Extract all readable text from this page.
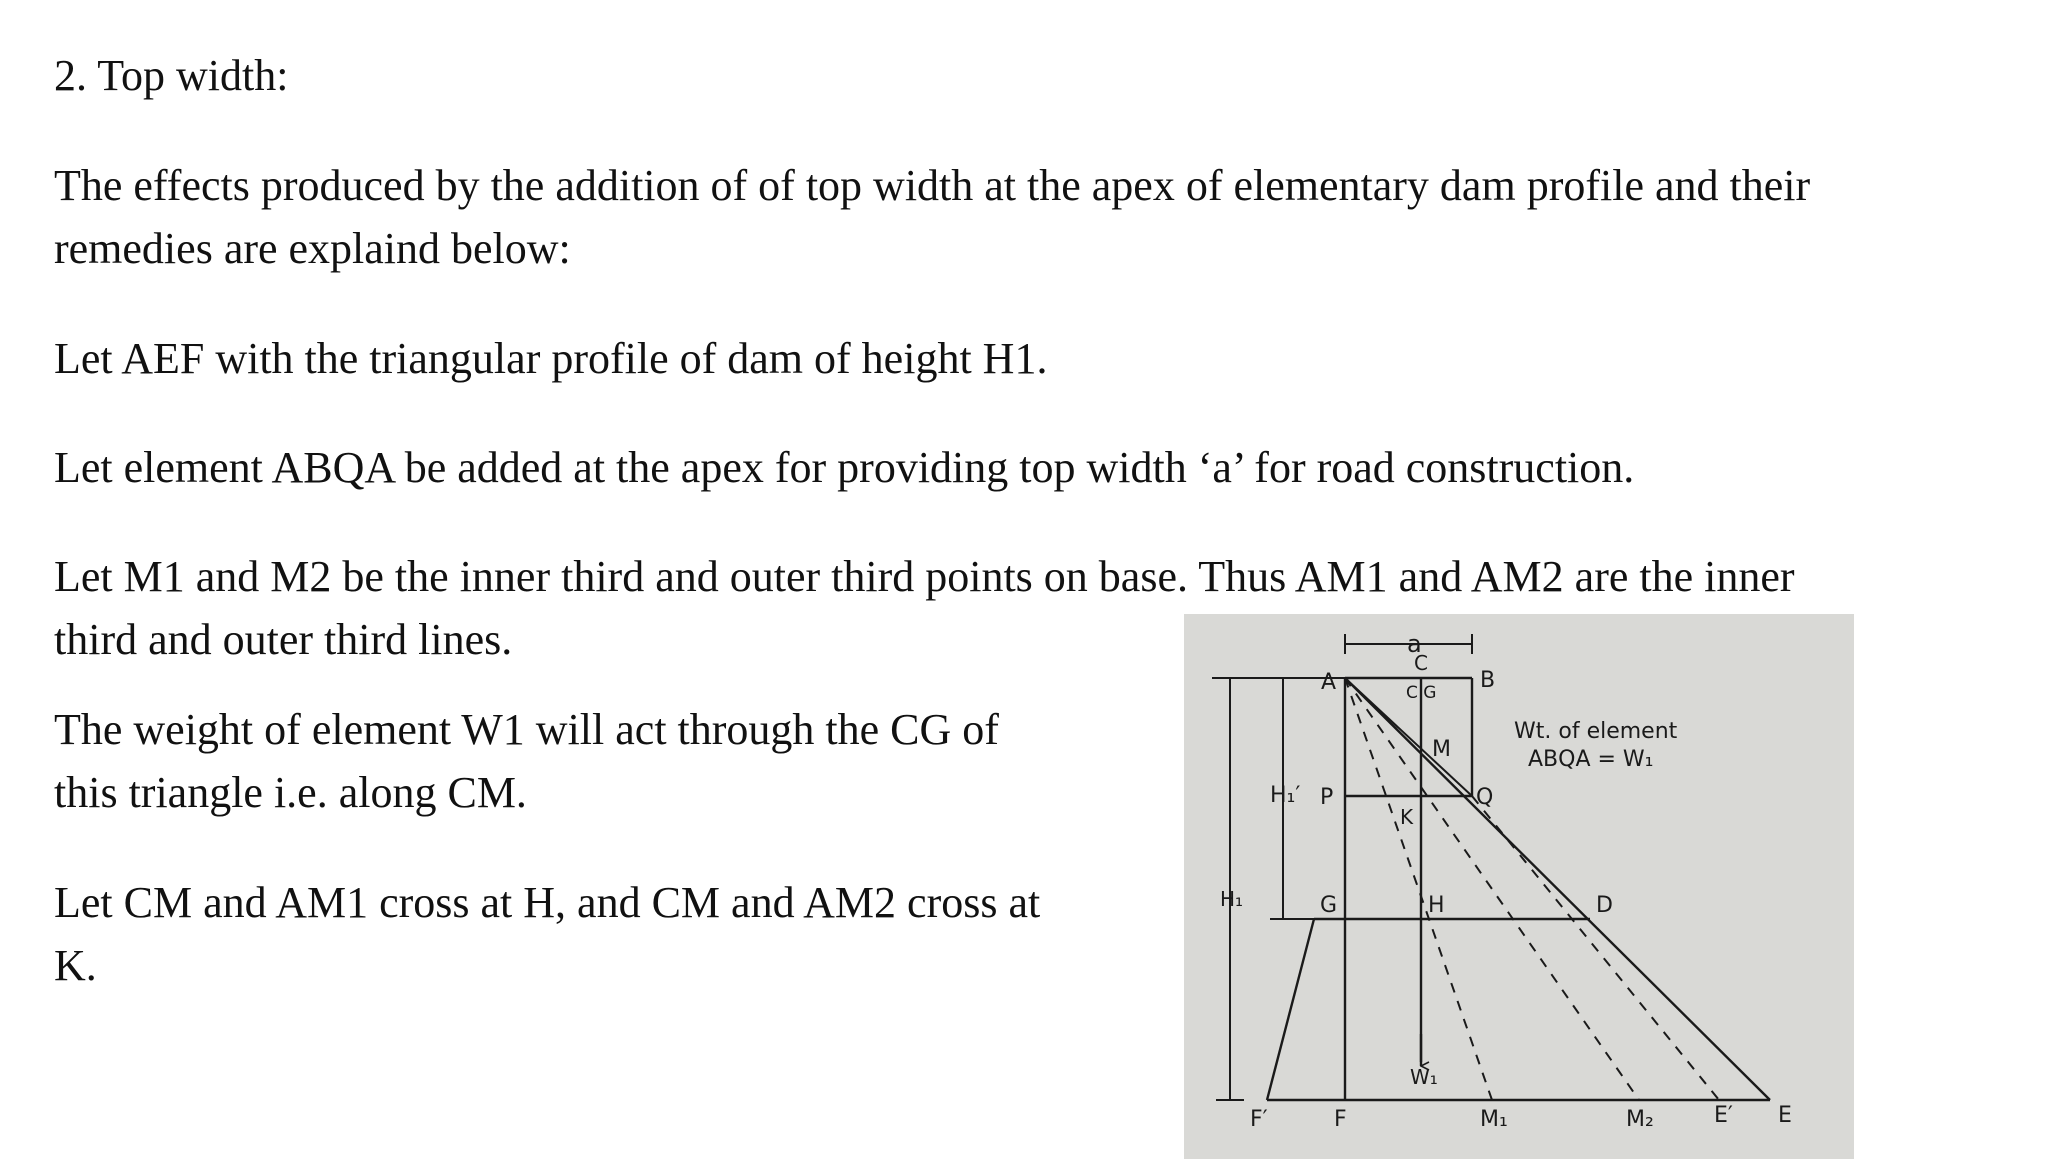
2. Top width:

The effects produced by the addition of of top width at the apex of elementary dam profile and their

remedies are explaind below:

Let AEF with the triangular profile of dam of height H1.

Let element ABQA be added at the apex for providing top width ‘a’ for road construction.

Let M1 and M2 be the inner third and outer third points on base. Thus AM1 and AM2 are the inner

third and outer third lines.

The weight of element W1 will act through the CG of

this triangle i.e. along CM.

Let CM and AM1 cross at H, and CM and AM2 cross at

K.

a
A	B
C
C G
M
P	Q
K
G	H	D
H₁′
H₁
W₁
F′	F	M₁	M₂	E′ E
Wt. of element
ABQA = W₁
